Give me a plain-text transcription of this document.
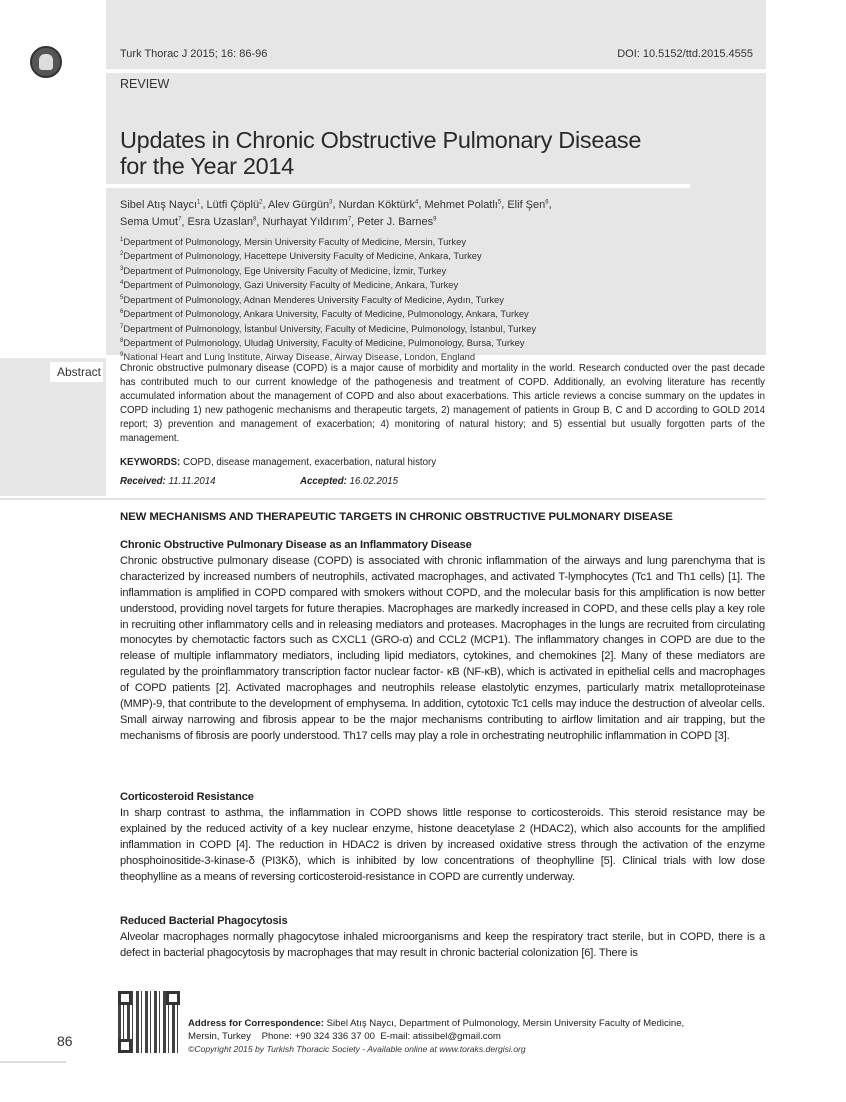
Turk Thorac J 2015; 16: 86-96	DOI: 10.5152/ttd.2015.4555
REVIEW
Updates in Chronic Obstructive Pulmonary Disease
for the Year 2014
Sibel Atış Naycı$^1$, Lütfi Çöplü$^2$, Alev Gürgün$^3$, Nurdan Köktürk$^4$, Mehmet Polatlı$^5$, Elif Şen$^6$,
Sema Umut$^7$, Esra Uzaslan$^8$, Nurhayat Yıldırım$^7$, Peter J. Barnes$^9$
$^1$Department of Pulmonology, Mersin University Faculty of Medicine, Mersin, Turkey
$^2$Department of Pulmonology, Hacettepe University Faculty of Medicine, Ankara, Turkey
$^3$Department of Pulmonology, Ege University Faculty of Medicine, İzmir, Turkey
$^4$Department of Pulmonology, Gazi University Faculty of Medicine, Ankara, Turkey
$^5$Department of Pulmonology, Adnan Menderes University Faculty of Medicine, Aydın, Turkey
$^6$Department of Pulmonology, Ankara University, Faculty of Medicine, Pulmonology, Ankara, Turkey
$^7$Department of Pulmonology, İstanbul University, Faculty of Medicine, Pulmonology, İstanbul, Turkey
$^8$Department of Pulmonology, Uludağ University, Faculty of Medicine, Pulmonology, Bursa, Turkey
$^9$National Heart and Lung Institute, Airway Disease, Airway Disease, London, England
Abstract Chronic obstructive pulmonary disease (COPD) is a major cause of morbidity and mortality in the world. Research conducted over the past decade has contributed much to our current knowledge of the pathogenesis and treatment of COPD. Additionally, an evolving literature has recently accumulated information about the management of COPD and also about exacerbations. This article reviews a concise summary on the updates in COPD including 1) new pathogenic mechanisms and therapeutic targets, 2) management of patients in Group B, C and D according to GOLD 2014 report; 3) prevention and management of exacerbation; 4) monitoring of natural history; and 5) essential but usually forgotten parts of the management.
KEYWORDS: COPD, disease management, exacerbation, natural history
Received: 11.11.2014	Accepted: 16.02.2015
NEW MECHANISMS AND THERAPEUTIC TARGETS IN CHRONIC OBSTRUCTIVE PULMONARY DISEASE
Chronic Obstructive Pulmonary Disease as an Inflammatory Disease
Chronic obstructive pulmonary disease (COPD) is associated with chronic inflammation of the airways and lung parenchyma that is characterized by increased numbers of neutrophils, activated macrophages, and activated T-lymphocytes (Tc1 and Th1 cells) [1]. The inflammation is amplified in COPD compared with smokers without COPD, and the molecular basis for this amplification is now better understood, providing novel targets for future therapies. Macrophages are markedly increased in COPD, and these cells play a key role in recruiting other inflammatory cells and in releasing mediators and proteases. Macrophages in the lungs are recruited from circulating monocytes by chemotactic factors such as CXCL1 (GRO-α) and CCL2 (MCP1). The inflammatory changes in COPD are due to the release of multiple inflammatory mediators, including lipid mediators, cytokines, and chemokines [2]. Many of these mediators are regulated by the proinflammatory transcription factor nuclear factor- κB (NF-κB), which is activated in epithelial cells and macrophages of COPD patients [2]. Activated macrophages and neutrophils release elastolytic enzymes, particularly matrix metalloproteinase (MMP)-9, that contribute to the development of emphysema. In addition, cytotoxic Tc1 cells may induce the destruction of alveolar cells. Small airway narrowing and fibrosis appear to be the major mechanisms contributing to airflow limitation and air trapping, but the mechanisms of fibrosis are poorly understood. Th17 cells may play a role in orchestrating neutrophilic inflammation in COPD [3].
Corticosteroid Resistance
In sharp contrast to asthma, the inflammation in COPD shows little response to corticosteroids. This steroid resistance may be explained by the reduced activity of a key nuclear enzyme, histone deacetylase 2 (HDAC2), which also accounts for the amplified inflammation in COPD [4]. The reduction in HDAC2 is driven by increased oxidative stress through the activation of the enzyme phosphoinositide-3-kinase-δ (PI3Kδ), which is inhibited by low concentrations of theophylline [5]. Clinical trials with low dose theophylline as a means of reversing corticosteroid-resistance in COPD are currently underway.
Reduced Bacterial Phagocytosis
Alveolar macrophages normally phagocytose inhaled microorganisms and keep the respiratory tract sterile, but in COPD, there is a defect in bacterial phagocytosis by macrophages that may result in chronic bacterial colonization [6]. There is
Address for Correspondence: Sibel Atış Naycı, Department of Pulmonology, Mersin University Faculty of Medicine,
Mersin, Turkey    Phone: +90 324 336 37 00  E-mail: atissibel@gmail.com
©Copyright 2015 by Turkish Thoracic Society - Available online at www.toraks.dergisi.org
86
